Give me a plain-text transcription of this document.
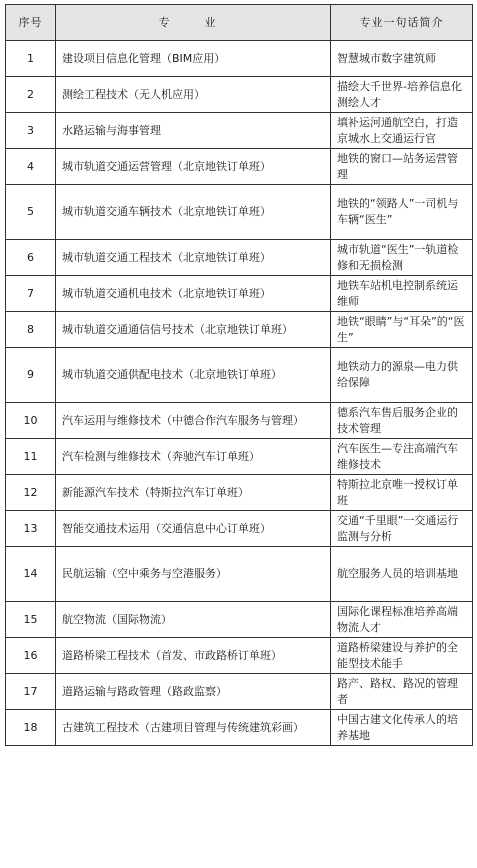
序号	专　业	专业一句话简介
1	建设项目信息化管理（BIM应用）	智慧城市数字建筑师
2	测绘工程技术（无人机应用）	描绘大千世界-培养信息化测绘人才
3	水路运输与海事管理	填补运河通航空白，打造京城水上交通运行官
4	城市轨道交通运营管理（北京地铁订单班）	地铁的窗口—站务运营管理
5	城市轨道交通车辆技术（北京地铁订单班）	地铁的“领路人”一司机与车辆“医生”
6	城市轨道交通工程技术（北京地铁订单班）	城市轨道“医生”一轨道检修和无损检测
7	城市轨道交通机电技术（北京地铁订单班）	地铁车站机电控制系统运维师
8	城市轨道交通通信信号技术（北京地铁订单班）	地铁“眼睛”与“耳朵”的“医生”
9	城市轨道交通供配电技术（北京地铁订单班）	地铁动力的源泉—电力供给保障
10	汽车运用与维修技术（中德合作汽车服务与管理）	德系汽车售后服务企业的技术管理
11	汽车检测与维修技术（奔驰汽车订单班）	汽车医生—专注高端汽车维修技术
12	新能源汽车技术（特斯拉汽车订单班）	特斯拉北京唯一授权订单班
13	智能交通技术运用（交通信息中心订单班）	交通“千里眼”一交通运行监测与分析
14	民航运输（空中乘务与空港服务）	航空服务人员的培训基地
15	航空物流（国际物流）	国际化课程标准培养高端物流人才
16	道路桥梁工程技术（首发、市政路桥订单班）	道路桥梁建设与养护的全能型技术能手
17	道路运输与路政管理（路政监察）	路产、路权、路况的管理者
18	古建筑工程技术（古建项目管理与传统建筑彩画）	中国古建文化传承人的培养基地
